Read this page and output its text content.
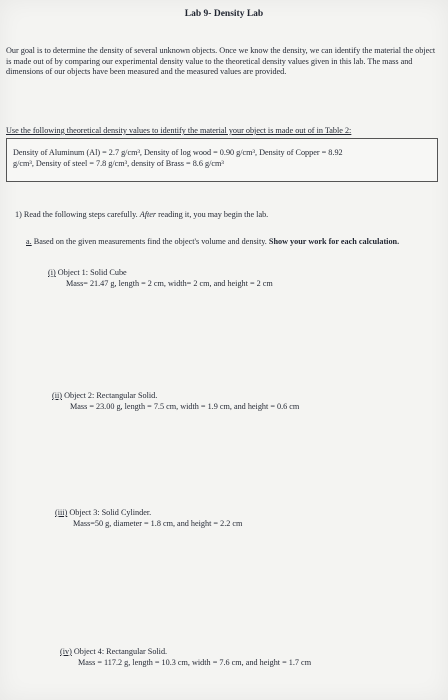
Lab 9- Density Lab
Our goal is to determine the density of several unknown objects. Once we know the density, we can identify the material the object is made out of by comparing our experimental density value to the theoretical density values given in this lab. The mass and dimensions of our objects have been measured and the measured values are provided.
Use the following theoretical density values to identify the material your object is made out of in Table 2:
Density of Aluminum (Al) = 2.7 g/cm³, Density of log wood = 0.90 g/cm³, Density of Copper = 8.92
g/cm³, Density of steel = 7.8 g/cm³, density of Brass = 8.6 g/cm³
1) Read the following steps carefully. After reading it, you may begin the lab.
a. Based on the given measurements find the object's volume and density. Show your work for each calculation.
(i) Object 1: Solid Cube
Mass= 21.47 g, length = 2 cm, width= 2 cm, and height = 2 cm
(ii) Object 2: Rectangular Solid.
Mass = 23.00 g, length = 7.5 cm, width = 1.9 cm, and height = 0.6 cm
(iii) Object 3: Solid Cylinder.
Mass=50 g, diameter = 1.8 cm, and height = 2.2 cm
(iv) Object 4: Rectangular Solid.
Mass = 117.2 g, length = 10.3 cm, width = 7.6 cm, and height = 1.7 cm
